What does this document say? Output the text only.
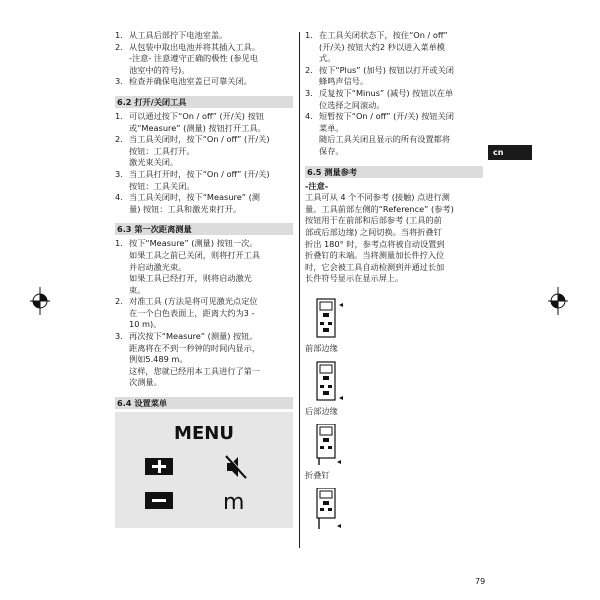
1. 从工具后部拧下电池室盖。
2. 从包装中取出电池并将其插入工具。
-注意- 注意遵守正确的极性 (参见电
池室中的符号)。
3. 检查并确保电池室盖已可靠关闭。
6.2 打开/关闭工具
1. 可以通过按下“On / off” (开/关) 按钮
或“Measure” (测量) 按钮打开工具。
2. 当工具关闭时，按下“On / off” (开/关)
按钮：工具打开。
激光束关闭。
3. 当工具打开时，按下“On / off” (开/关)
按钮：工具关闭。
4. 当工具关闭时，按下“Measure” (测
量) 按钮：工具和激光束打开。
6.3 第一次距离测量
1. 按下“Measure” (测量) 按钮一次。
如果工具之前已关闭，则将打开工具
并启动激光束。
如果工具已经打开，则将启动激光
束。
2. 对准工具 (方法是将可见激光点定位
在一个白色表面上，距离大约为3 -
10 m)。
3. 再次按下“Measure” (测量) 按钮。
距离将在不到一秒钟的时间内显示，
例如5.489 m。
这样，您就已经用本工具进行了第一
次测量。
6.4 设置菜单
MENU
m
1. 在工具关闭状态下，按住“On / off”
(开/关) 按钮大约2 秒以进入菜单模
式。
2. 按下“Plus” (加号) 按钮以打开或关闭
蜂鸣声信号。
3. 反复按下“Minus” (减号) 按钮以在单
位选择之间滚动。
4. 短暂按下“On / off” (开/关) 按钮关闭
菜单。
随后工具关闭且显示的所有设置都将
保存。
6.5 测量参考
-注意-
工具可从 4 个不同参考 (接触) 点进行测
量。工具前部左侧的“Reference” (参考)
按钮用于在前部和后部参考 (工具的前
部或后部边缘) 之间切换。当将折叠钉
折出 180° 时，参考点将被自动设置到
折叠钉的末端。当将测量加长件拧入位
时，它会被工具自动检测到并通过长加
长件符号显示在显示屏上。
前部边缘
后部边缘
折叠钉
cn
79
